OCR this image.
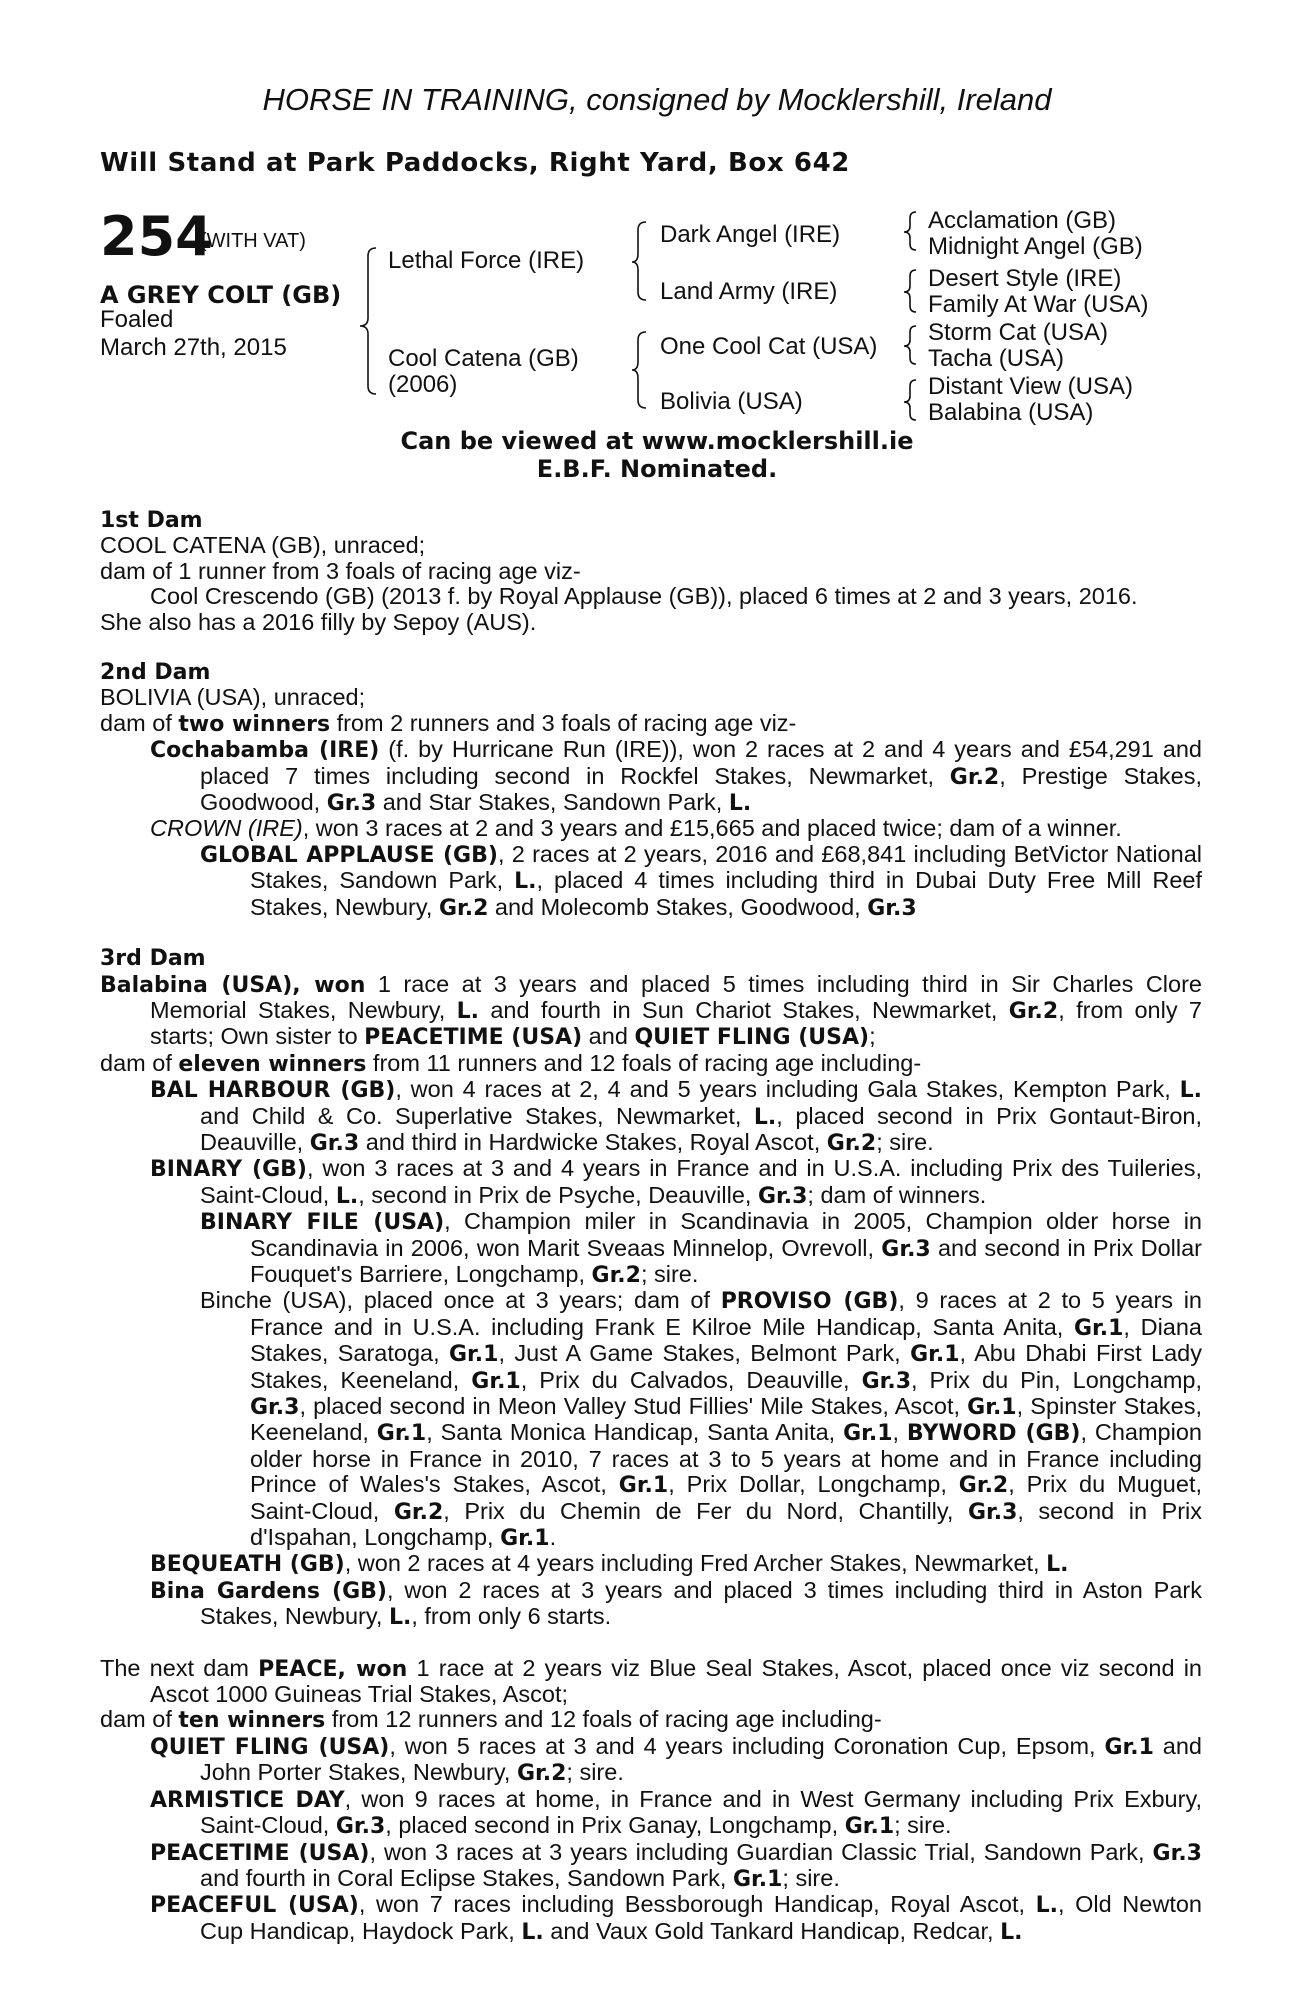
HORSE IN TRAINING, consigned by Mocklershill, Ireland
Will Stand at Park Paddocks, Right Yard, Box 642
254
(WITH VAT)
A GREY COLT (GB)
Foaled
March 27th, 2015
Lethal Force (IRE)
Cool Catena (GB)
(2006)
Dark Angel (IRE)
Land Army (IRE)
One Cool Cat (USA)
Bolivia (USA)
Acclamation (GB)
Midnight Angel (GB)
Desert Style (IRE)
Family At War (USA)
Storm Cat (USA)
Tacha (USA)
Distant View (USA)
Balabina (USA)
Can be viewed at www.mocklershill.ie
E.B.F. Nominated.

1st Dam

COOL CATENA (GB), unraced;

dam of 1 runner from 3 foals of racing age viz-

Cool Crescendo (GB) (2013 f. by Royal Applause (GB)), placed 6 times at 2 and 3 years, 2016.

She also has a 2016 filly by Sepoy (AUS).

2nd Dam

BOLIVIA (USA), unraced;

dam of two winners from 2 runners and 3 foals of racing age viz-

Cochabamba (IRE) (f. by Hurricane Run (IRE)), won 2 races at 2 and 4 years and £54,291 and placed 7 times including second in Rockfel Stakes, Newmarket, Gr.2, Prestige Stakes, Goodwood, Gr.3 and Star Stakes, Sandown Park, L.

CROWN (IRE), won 3 races at 2 and 3 years and £15,665 and placed twice; dam of a winner.

GLOBAL APPLAUSE (GB), 2 races at 2 years, 2016 and £68,841 including BetVictor National Stakes, Sandown Park, L., placed 4 times including third in Dubai Duty Free Mill Reef Stakes, Newbury, Gr.2 and Molecomb Stakes, Goodwood, Gr.3

3rd Dam

Balabina (USA), won 1 race at 3 years and placed 5 times including third in Sir Charles Clore Memorial Stakes, Newbury, L. and fourth in Sun Chariot Stakes, Newmarket, Gr.2, from only 7 starts; Own sister to PEACETIME (USA) and QUIET FLING (USA);

dam of eleven winners from 11 runners and 12 foals of racing age including-

BAL HARBOUR (GB), won 4 races at 2, 4 and 5 years including Gala Stakes, Kempton Park, L. and Child & Co. Superlative Stakes, Newmarket, L., placed second in Prix Gontaut-Biron, Deauville, Gr.3 and third in Hardwicke Stakes, Royal Ascot, Gr.2; sire.

BINARY (GB), won 3 races at 3 and 4 years in France and in U.S.A. including Prix des Tuileries, Saint-Cloud, L., second in Prix de Psyche, Deauville, Gr.3; dam of winners.

BINARY FILE (USA), Champion miler in Scandinavia in 2005, Champion older horse in Scandinavia in 2006, won Marit Sveaas Minnelop, Ovrevoll, Gr.3 and second in Prix Dollar Fouquet's Barriere, Longchamp, Gr.2; sire.

Binche (USA), placed once at 3 years; dam of PROVISO (GB), 9 races at 2 to 5 years in France and in U.S.A. including Frank E Kilroe Mile Handicap, Santa Anita, Gr.1, Diana Stakes, Saratoga, Gr.1, Just A Game Stakes, Belmont Park, Gr.1, Abu Dhabi First Lady Stakes, Keeneland, Gr.1, Prix du Calvados, Deauville, Gr.3, Prix du Pin, Longchamp, Gr.3, placed second in Meon Valley Stud Fillies' Mile Stakes, Ascot, Gr.1, Spinster Stakes, Keeneland, Gr.1, Santa Monica Handicap, Santa Anita, Gr.1, BYWORD (GB), Champion older horse in France in 2010, 7 races at 3 to 5 years at home and in France including Prince of Wales's Stakes, Ascot, Gr.1, Prix Dollar, Longchamp, Gr.2, Prix du Muguet, Saint-Cloud, Gr.2, Prix du Chemin de Fer du Nord, Chantilly, Gr.3, second in Prix d'Ispahan, Longchamp, Gr.1.

BEQUEATH (GB), won 2 races at 4 years including Fred Archer Stakes, Newmarket, L.

Bina Gardens (GB), won 2 races at 3 years and placed 3 times including third in Aston Park Stakes, Newbury, L., from only 6 starts.

The next dam PEACE, won 1 race at 2 years viz Blue Seal Stakes, Ascot, placed once viz second in Ascot 1000 Guineas Trial Stakes, Ascot;

dam of ten winners from 12 runners and 12 foals of racing age including-

QUIET FLING (USA), won 5 races at 3 and 4 years including Coronation Cup, Epsom, Gr.1 and John Porter Stakes, Newbury, Gr.2; sire.

ARMISTICE DAY, won 9 races at home, in France and in West Germany including Prix Exbury, Saint-Cloud, Gr.3, placed second in Prix Ganay, Longchamp, Gr.1; sire.

PEACETIME (USA), won 3 races at 3 years including Guardian Classic Trial, Sandown Park, Gr.3 and fourth in Coral Eclipse Stakes, Sandown Park, Gr.1; sire.

PEACEFUL (USA), won 7 races including Bessborough Handicap, Royal Ascot, L., Old Newton Cup Handicap, Haydock Park, L. and Vaux Gold Tankard Handicap, Redcar, L.
